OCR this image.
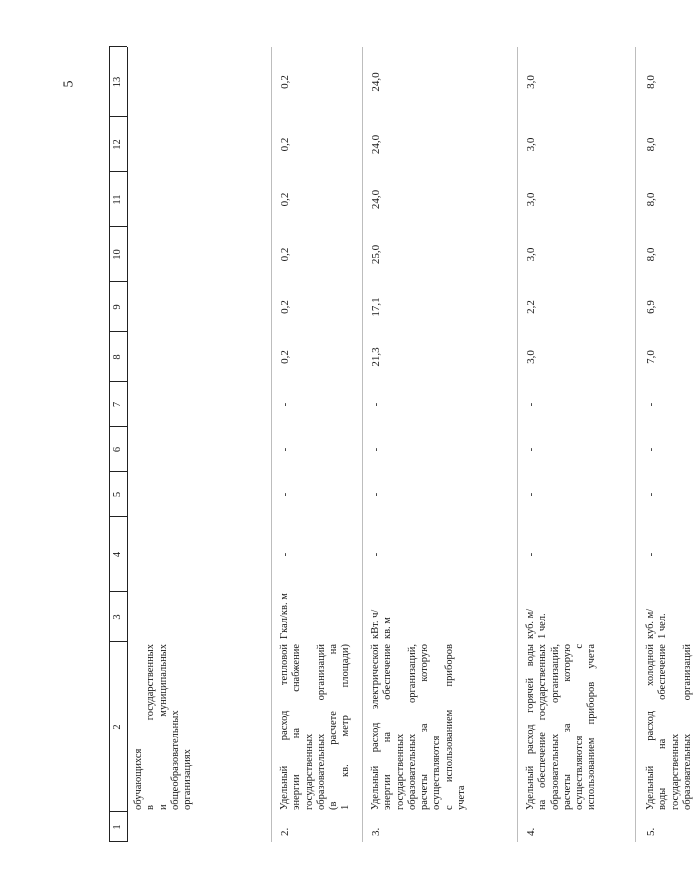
5
1
2
3
4
5
6
7
8
9
10
11
12
13
обучающихся в
государственных
и
муниципальных
общеобразовательных организациях
2.
Удельный
расход
тепловой
энергии
на
снабжение
государственных образовательных
организаций
(в
расчете
на
1
кв.
метр
площади)
Гкал/кв. м
-
-
-
-
0,2
0,2
0,2
0,2
0,2
0,2
3.
Удельный
расход
электрической
энергии
на
обеспечение
государственных образовательных
организаций,
расчеты
за
которую
осуществляются с
использованием
приборов
учета
кВт. ч/ кв. м
-
-
-
-
21,3
17,1
25,0
24,0
24,0
24,0
4.
Удельный
расход
горячей
воды
на
обеспечение
государственных
образовательных
организаций,
расчеты
за
которую
осуществляются
с
использованием
приборов
учета
куб. м/ 1 чел.
-
-
-
-
3,0
2,2
3,0
3,0
3,0
3,0
5.
Удельный
расход
холодной
воды
на
обеспечение
государственных образовательных
организаций
куб. м/ 1 чел.
-
-
-
-
7,0
6,9
8,0
8,0
8,0
8,0
